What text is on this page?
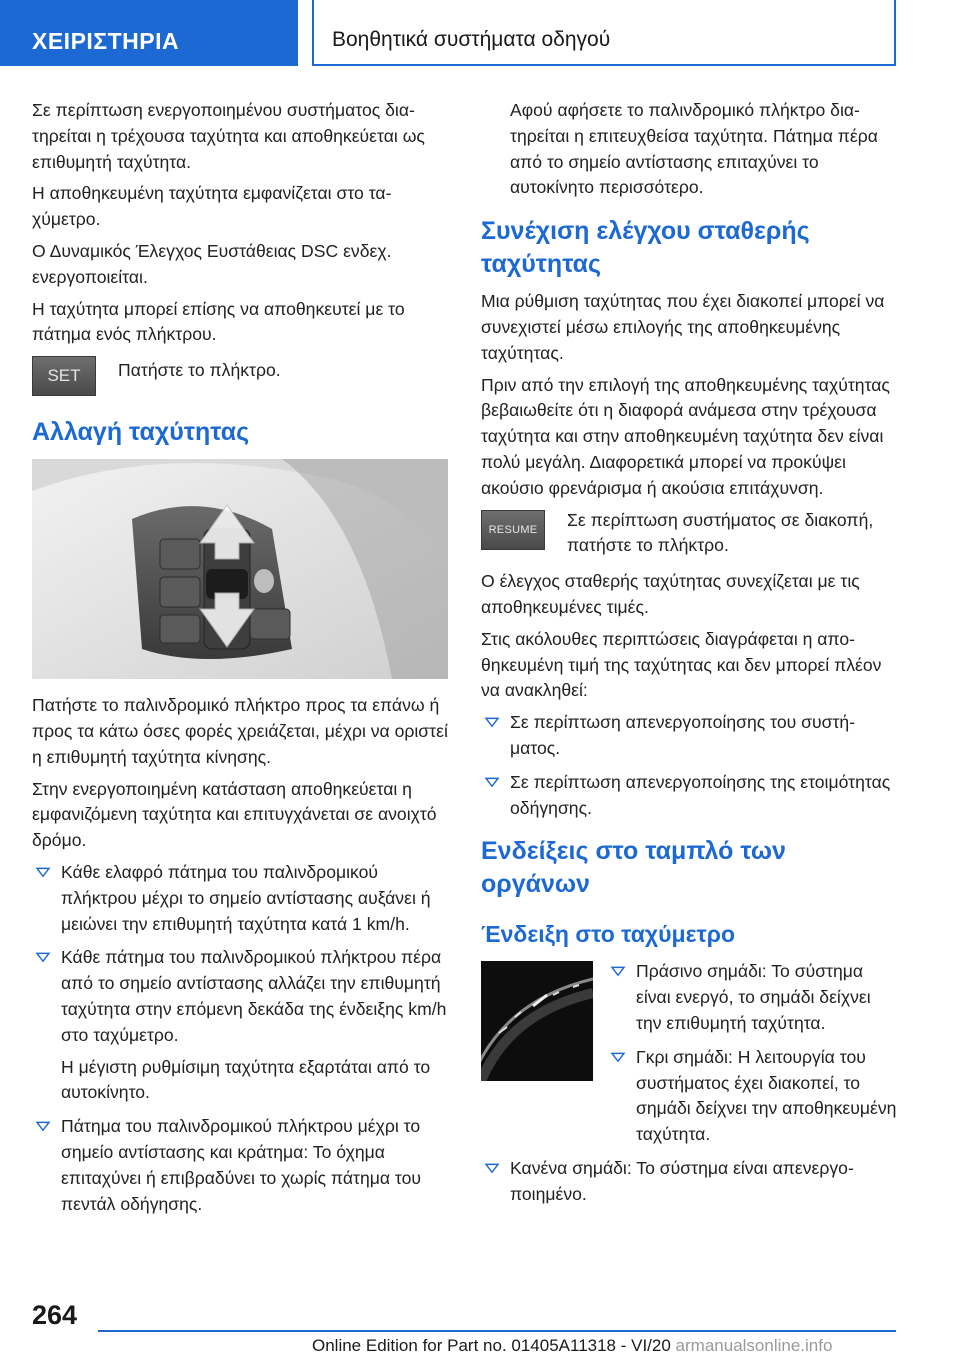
ΧΕΙΡΙΣΤΗΡΙΑ	Βοηθητικά συστήματα οδηγού

Σε περίπτωση ενεργοποιημένου συστήματος διατηρείται η τρέχουσα ταχύτητα και αποθηκεύεται ως επιθυμητή ταχύτητα.

Η αποθηκευμένη ταχύτητα εμφανίζεται στο ταχύμετρο.

Ο Δυναμικός Έλεγχος Ευστάθειας DSC ενδεχ. ενεργοποιείται.

Η ταχύτητα μπορεί επίσης να αποθηκευτεί με το πάτημα ενός πλήκτρου.

SET	Πατήστε το πλήκτρο.

Αλλαγή ταχύτητας

Πατήστε το παλινδρομικό πλήκτρο προς τα επάνω ή προς τα κάτω όσες φορές χρειάζεται, μέχρι να οριστεί η επιθυμητή ταχύτητα κίνησης.

Στην ενεργοποιημένη κατάσταση αποθηκεύεται η εμφανιζόμενη ταχύτητα και επιτυγχάνεται σε ανοιχτό δρόμο.

Κάθε ελαφρό πάτημα του παλινδρομικού πλήκτρου μέχρι το σημείο αντίστασης αυξάνει ή μειώνει την επιθυμητή ταχύτητα κατά 1 km/h.
Κάθε πάτημα του παλινδρομικού πλήκτρου πέρα από το σημείο αντίστασης αλλάζει την επιθυμητή ταχύτητα στην επόμενη δεκάδα της ένδειξης km/h στο ταχύμετρο.

Η μέγιστη ρυθμίσιμη ταχύτητα εξαρτάται από το αυτοκίνητο.

Πάτημα του παλινδρομικού πλήκτρου μέχρι το σημείο αντίστασης και κράτημα: Το όχημα επιταχύνει ή επιβραδύνει το χωρίς πάτημα του πεντάλ οδήγησης.

Αφού αφήσετε το παλινδρομικό πλήκτρο διατηρείται η επιτευχθείσα ταχύτητα. Πάτημα πέρα από το σημείο αντίστασης επιταχύνει το αυτοκίνητο περισσότερο.

Συνέχιση ελέγχου σταθερής ταχύτητας

Μια ρύθμιση ταχύτητας που έχει διακοπεί μπορεί να συνεχιστεί μέσω επιλογής της αποθηκευμένης ταχύτητας.

Πριν από την επιλογή της αποθηκευμένης ταχύτητας βεβαιωθείτε ότι η διαφορά ανάμεσα στην τρέχουσα ταχύτητα και στην αποθηκευμένη ταχύτητα δεν είναι πολύ μεγάλη. Διαφορετικά μπορεί να προκύψει ακούσιο φρενάρισμα ή ακούσια επιτάχυνση.

RESUME	Σε περίπτωση συστήματος σε διακοπή, πατήστε το πλήκτρο.

Ο έλεγχος σταθερής ταχύτητας συνεχίζεται με τις αποθηκευμένες τιμές.

Στις ακόλουθες περιπτώσεις διαγράφεται η αποθηκευμένη τιμή της ταχύτητας και δεν μπορεί πλέον να ανακληθεί:

Σε περίπτωση απενεργοποίησης του συστήματος.
Σε περίπτωση απενεργοποίησης της ετοιμότητας οδήγησης.
Ενδείξεις στο ταμπλό των οργάνων
Ένδειξη στο ταχύμετρο
Πράσινο σημάδι: Το σύστημα είναι ενεργό, το σημάδι δείχνει την επιθυμητή ταχύτητα.
Γκρι σημάδι: Η λειτουργία του συστήματος έχει διακοπεί, το σημάδι δείχνει την αποθηκευμένη ταχύτητα.
Κανένα σημάδι: Το σύστημα είναι απενεργοποιημένο.
264
Online Edition for Part no. 01405A11318 - VI/20 armanualsonline.info
